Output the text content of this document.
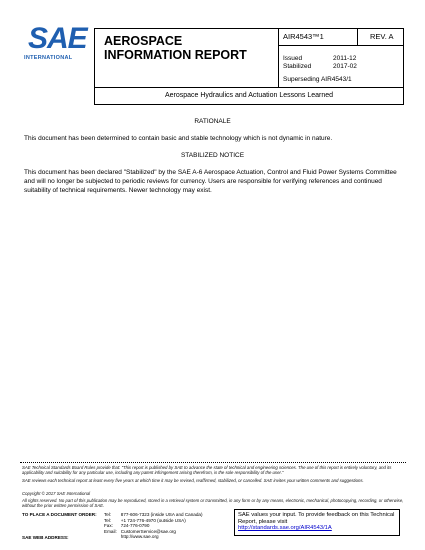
SAE
INTERNATIONAL
AEROSPACE
INFORMATION REPORT
AIR4543™1	REV. A
Issued	2011-12
Stabilized	2017-02
Superseding AIR4543/1
Aerospace Hydraulics and Actuation Lessons Learned
RATIONALE
This document has been determined to contain basic and stable technology which is not dynamic in nature.
STABILIZED NOTICE
This document has been declared "Stabilized" by the SAE A-6 Aerospace Actuation, Control and Fluid Power Systems Committee and will no longer be subjected to periodic reviews for currency. Users are responsible for verifying references and continued suitability of technical requirements. Newer technology may exist.
SAE Technical Standards Board Rules provide that: "This report is published by SAE to advance the state of technical and engineering sciences. The use of this report is entirely voluntary, and its applicability and suitability for any particular use, including any patent infringement arising therefrom, is the sole responsibility of the user."
SAE reviews each technical report at least every five years at which time it may be revised, reaffirmed, stabilized, or cancelled. SAE invites your written comments and suggestions.
Copyright © 2017 SAE International
All rights reserved. No part of this publication may be reproduced, stored in a retrieval system or transmitted, in any form or by any means, electronic, mechanical, photocopying, recording, or otherwise, without the prior written permission of SAE.
TO PLACE A DOCUMENT ORDER: Tel:	877-606-7323 (inside USA and Canada)
Tel:	+1 724-776-4970 (outside USA)
Fax:	724-776-0790
Email:	CustomerService@sae.org
	http://www.sae.org
SAE WEB ADDRESS:
SAE values your input. To provide feedback on this Technical Report, please visit
http://standards.sae.org/AIR4543/1A
